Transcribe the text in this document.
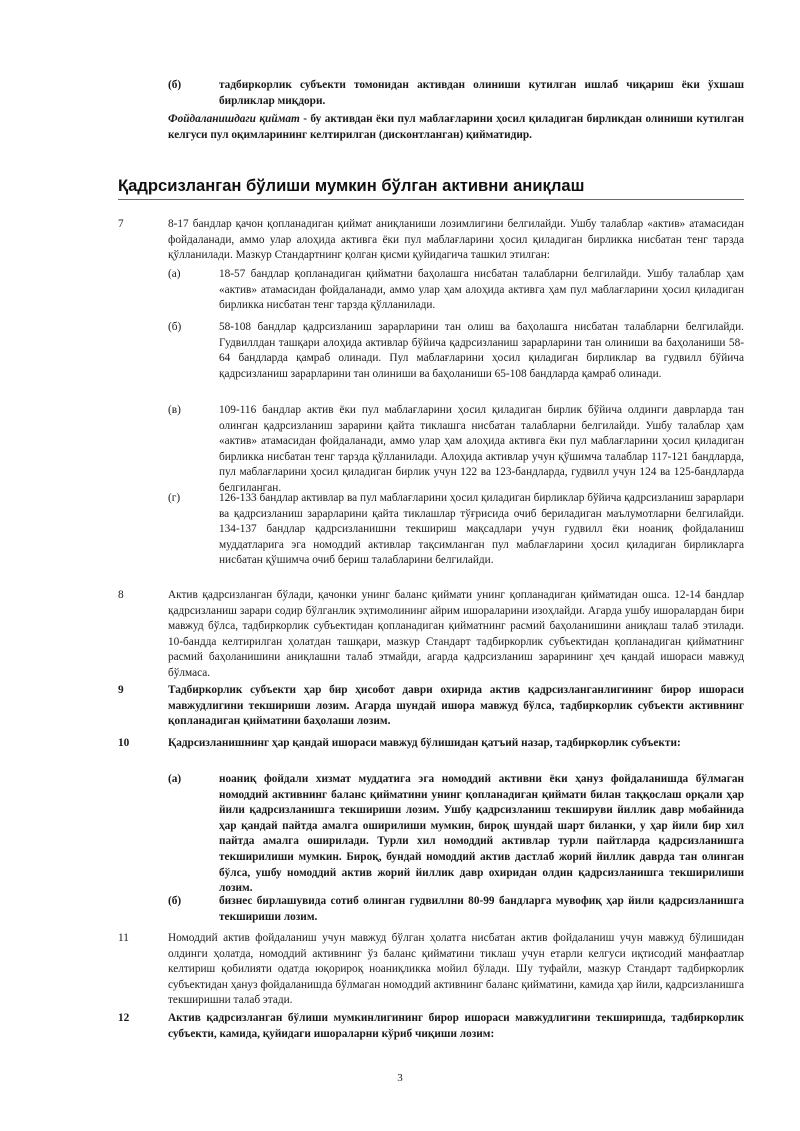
(б)	тадбиркорлик субъекти томонидан активдан олиниши кутилган ишлаб чиқариш ёки ўхшаш бирликлар миқдори.
Фойдаланишдаги қиймат - бу активдан ёки пул маблағларини ҳосил қиладиган бирликдан олиниши кутилган келгуси пул оқимларининг келтирилган (дисконтланган) қийматидир.
Қадрсизланган бўлиши мумкин бўлган активни аниқлаш
7	8-17 бандлар қачон қопланадиган қиймат аниқланиши лозимлигини белгилайди. Ушбу талаблар «актив» атамасидан фойдаланади, аммо улар алоҳида активга ёки пул маблағларини ҳосил қиладиган бирликка нисбатан тенг тарзда қўлланилади. Мазкур Стандартнинг қолган қисми қуйидагича ташкил этилган:
(а)	18-57 бандлар қопланадиган қийматни баҳолашга нисбатан талабларни белгилайди. Ушбу талаблар ҳам «актив» атамасидан фойдаланади, аммо улар ҳам алоҳида активга ҳам пул маблағларини ҳосил қиладиган бирликка нисбатан тенг тарзда қўлланилади.
(б)	58-108 бандлар қадрсизланиш зарарларини тан олиш ва баҳолашга нисбатан талабларни белгилайди. Гудвиллдан ташқари алоҳида активлар бўйича қадрсизланиш зарарларини тан олиниши ва баҳоланиши 58-64 бандларда қамраб олинади. Пул маблағларини ҳосил қиладиган бирликлар ва гудвилл бўйича қадрсизланиш зарарларини тан олиниши ва баҳоланиши 65-108 бандларда қамраб олинади.
(в)	109-116 бандлар актив ёки пул маблағларини ҳосил қиладиган бирлик бўйича олдинги даврларда тан олинган қадрсизланиш зарарини қайта тиклашга нисбатан талабларни белгилайди. Ушбу талаблар ҳам «актив» атамасидан фойдаланади, аммо улар ҳам алоҳида активга ёки пул маблағларини ҳосил қиладиган бирликка нисбатан тенг тарзда қўлланилади. Алоҳида активлар учун қўшимча талаблар 117-121 бандларда, пул маблағларини ҳосил қиладиган бирлик учун 122 ва 123-бандларда, гудвилл учун 124 ва 125-бандларда белгиланган.
(г)	126-133 бандлар активлар ва пул маблағларини ҳосил қиладиган бирликлар бўйича қадрсизланиш зарарлари ва қадрсизланиш зарарларини қайта тиклашлар тўғрисида очиб бериладиган маълумотларни белгилайди. 134-137 бандлар қадрсизланишни текшириш мақсадлари учун гудвилл ёки ноаниқ фойдаланиш муддатларига эга номоддий активлар тақсимланган пул маблағларини ҳосил қиладиган бирликларга нисбатан қўшимча очиб бериш талабларини белгилайди.
8	Актив қадрсизланган бўлади, қачонки унинг баланс қиймати унинг қопланадиган қийматидан ошса. 12-14 бандлар қадрсизланиш зарари содир бўлганлик эҳтимолининг айрим ишораларини изоҳлайди. Агарда ушбу ишоралардан бири мавжуд бўлса, тадбиркорлик субъектидан қопланадиган қийматнинг расмий баҳоланишини аниқлаш талаб этилади. 10-бандда келтирилган ҳолатдан ташқари, мазкур Стандарт тадбиркорлик субъектидан қопланадиган қийматнинг расмий баҳоланишини аниқлашни талаб этмайди, агарда қадрсизланиш зарарининг ҳеч қандай ишораси мавжуд бўлмаса.
9	Тадбиркорлик субъекти ҳар бир ҳисобот даври охирида актив қадрсизланганлигининг бирор ишораси мавжудлигини текшириши лозим. Агарда шундай ишора мавжуд бўлса, тадбиркорлик субъекти активнинг қопланадиган қийматини баҳолаши лозим.
10	Қадрсизланишнинг ҳар қандай ишораси мавжуд бўлишидан қатъий назар, тадбиркорлик субъекти:
(а)	ноаниқ фойдали хизмат муддатига эга номоддий активни ёки ҳануз фойдаланишда бўлмаган номоддий активнинг баланс қийматини унинг қопланадиган қиймати билан таққослаш орқали ҳар йили қадрсизланишга текшириши лозим. Ушбу қадрсизланиш текшируви йиллик давр мобайнида ҳар қандай пайтда амалга оширилиши мумкин, бироқ шундай шарт биланки, у ҳар йили бир хил пайтда амалга оширилади. Турли хил номоддий активлар турли пайтларда қадрсизланишга текширилиши мумкин. Бироқ, бундай номоддий актив дастлаб жорий йиллик даврда тан олинган бўлса, ушбу номоддий актив жорий йиллик давр охиридан олдин қадрсизланишга текширилиши лозим.
(б)	бизнес бирлашувида сотиб олинган гудвиллни 80-99 бандларга мувофиқ ҳар йили қадрсизланишга текшириши лозим.
11	Номоддий актив фойдаланиш учун мавжуд бўлган ҳолатга нисбатан актив фойдаланиш учун мавжуд бўлишидан олдинги ҳолатда, номоддий активнинг ўз баланс қийматини тиклаш учун етарли келгуси иқтисодий манфаатлар келтириш қобилияти одатда юқорироқ ноаниқликка мойил бўлади. Шу туфайли, мазкур Стандарт тадбиркорлик субъектидан ҳануз фойдаланишда бўлмаган номоддий активнинг баланс қийматини, камида ҳар йили, қадрсизланишга текширишни талаб этади.
12	Актив қадрсизланган бўлиши мумкинлигининг бирор ишораси мавжудлигини текширишда, тадбиркорлик субъекти, камида, қуйидаги ишораларни кўриб чиқиши лозим:
3
